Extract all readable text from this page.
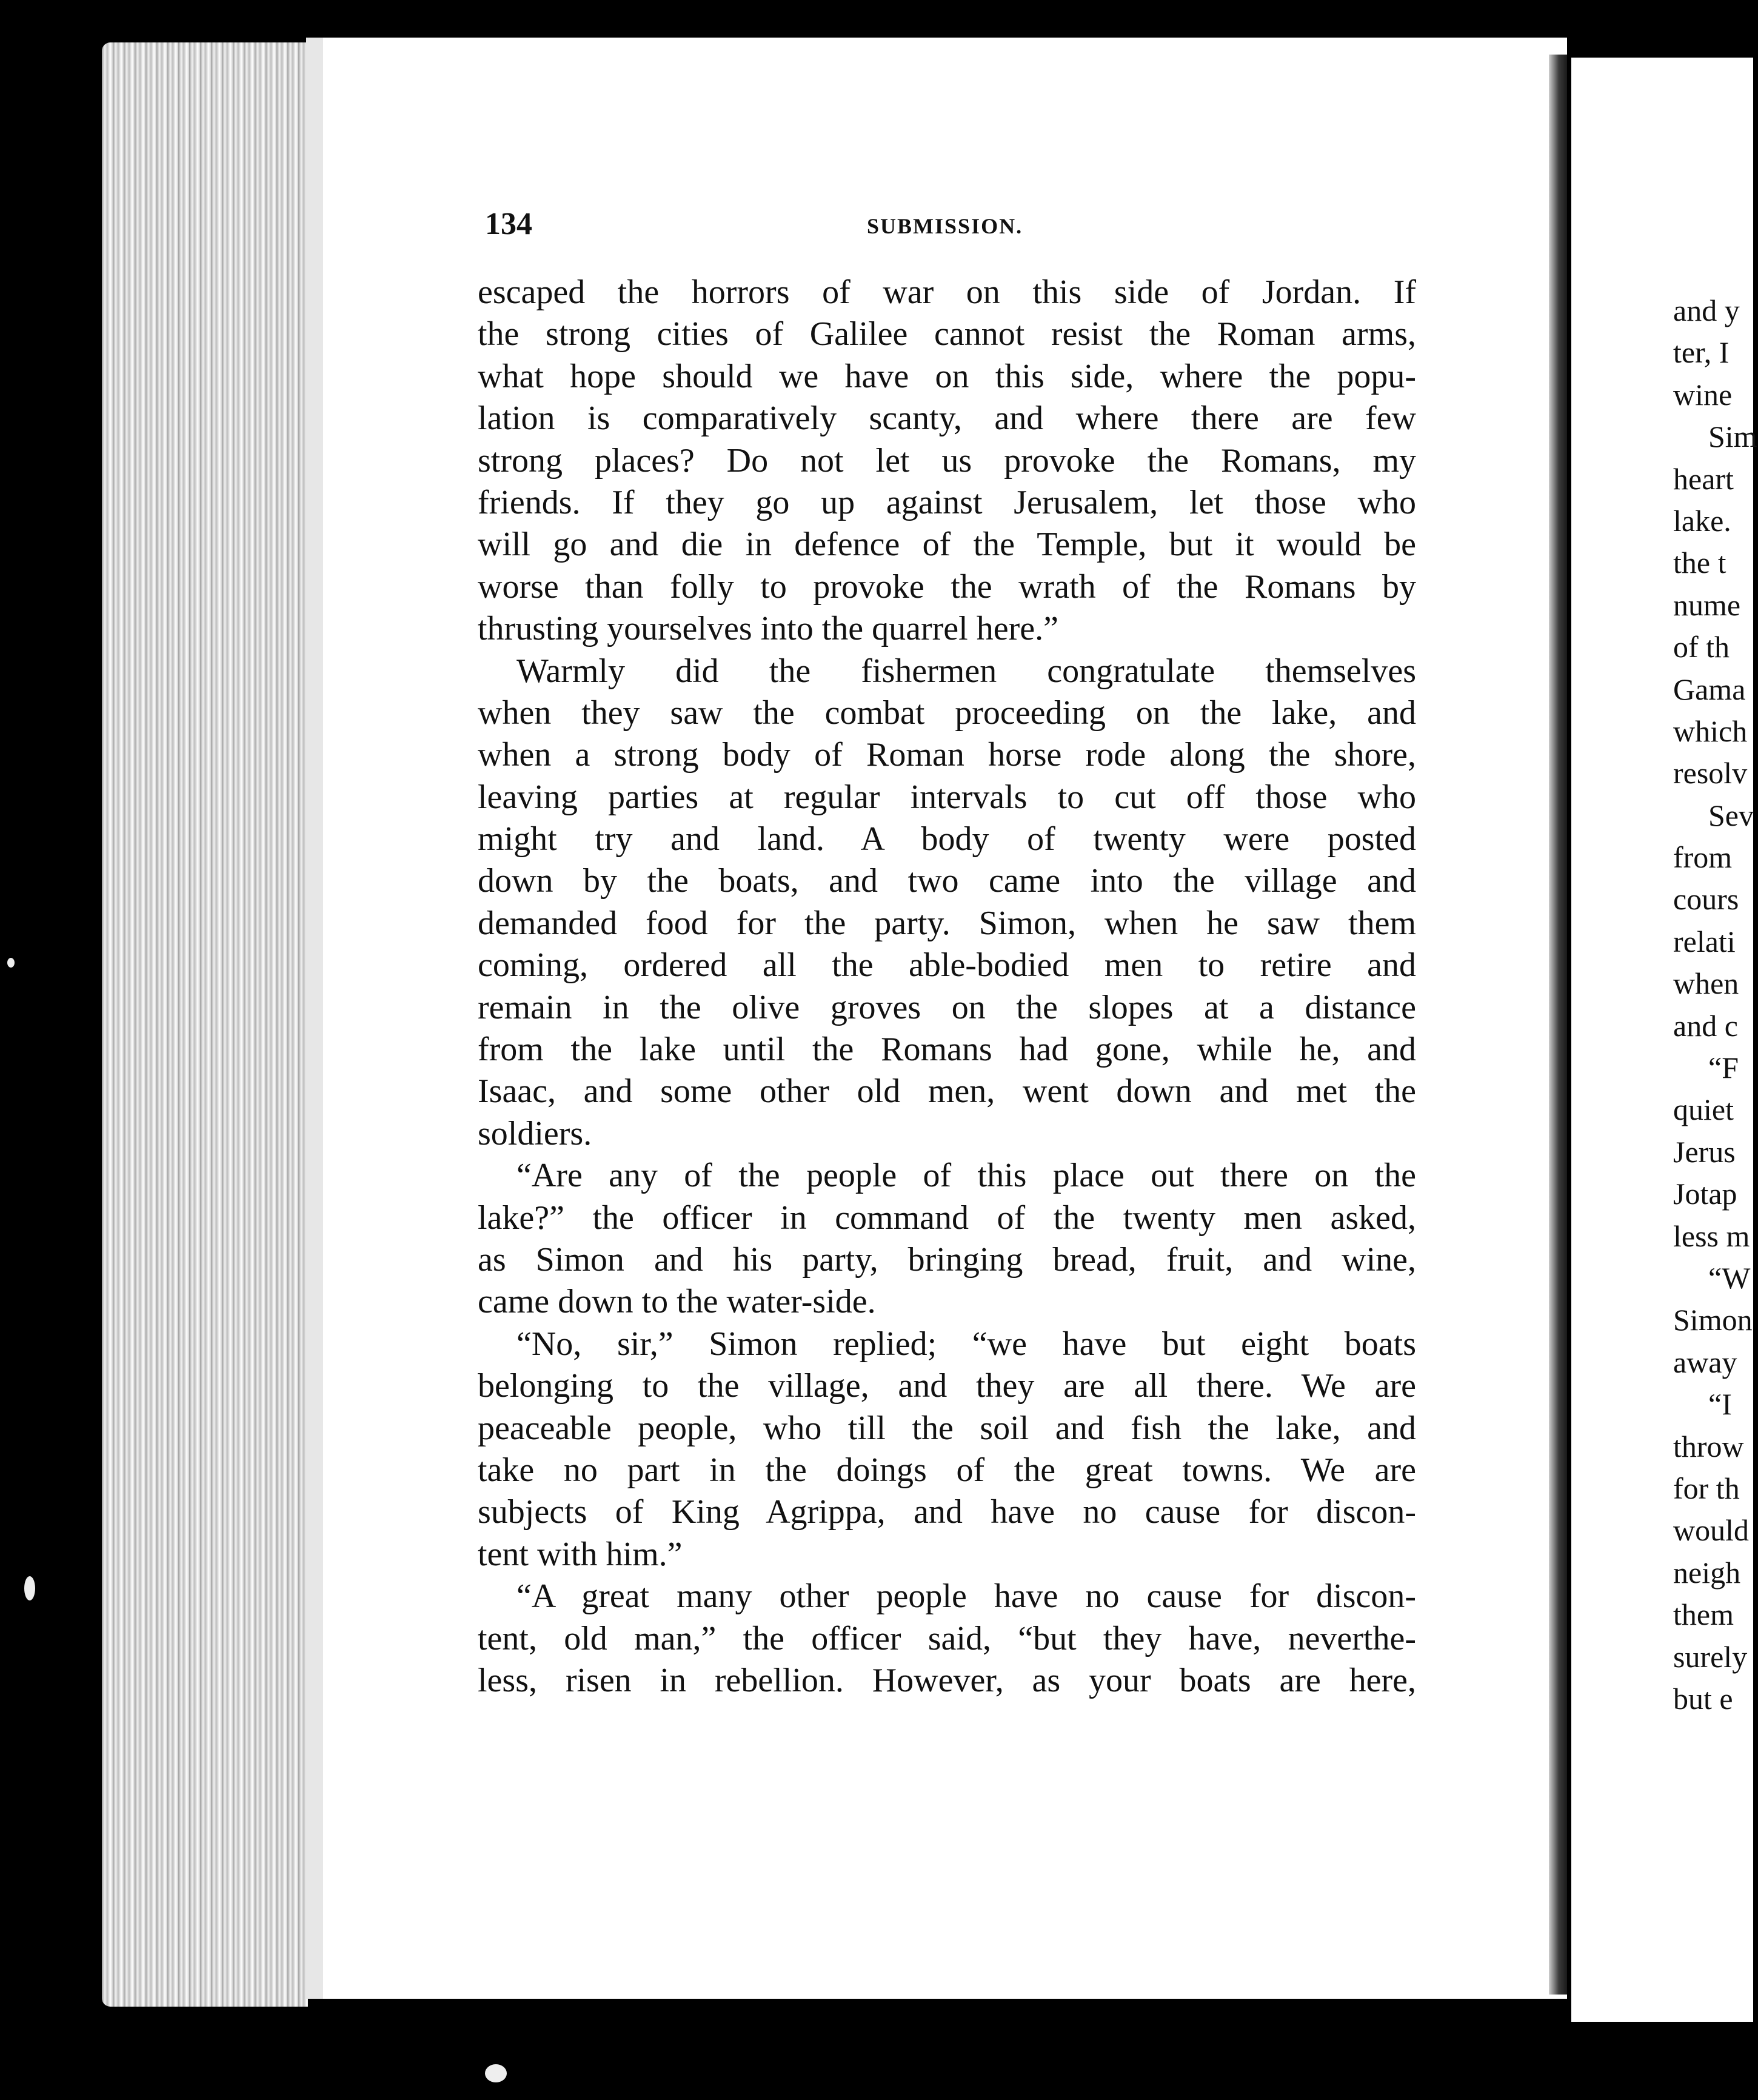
134	SUBMISSION.
escaped the horrors of war on this side of Jordan. If
the strong cities of Galilee cannot resist the Roman arms,
what hope should we have on this side, where the popu-
lation is comparatively scanty, and where there are few
strong places? Do not let us provoke the Romans, my
friends. If they go up against Jerusalem, let those who
will go and die in defence of the Temple, but it would be
worse than folly to provoke the wrath of the Romans by
thrusting yourselves into the quarrel here.”
Warmly did the fishermen congratulate themselves
when they saw the combat proceeding on the lake, and
when a strong body of Roman horse rode along the shore,
leaving parties at regular intervals to cut off those who
might try and land. A body of twenty were posted
down by the boats, and two came into the village and
demanded food for the party. Simon, when he saw them
coming, ordered all the able-bodied men to retire and
remain in the olive groves on the slopes at a distance
from the lake until the Romans had gone, while he, and
Isaac, and some other old men, went down and met the
soldiers.
“Are any of the people of this place out there on the
lake?” the officer in command of the twenty men asked,
as Simon and his party, bringing bread, fruit, and wine,
came down to the water-side.
“No, sir,” Simon replied; “we have but eight boats
belonging to the village, and they are all there. We are
peaceable people, who till the soil and fish the lake, and
take no part in the doings of the great towns. We are
subjects of King Agrippa, and have no cause for discon-
tent with him.”
“A great many other people have no cause for discon-
tent, old man,” the officer said, “but they have, neverthe-
less, risen in rebellion. However, as your boats are here,
and y
ter, I
wine
Sim
heart
lake.
the t
nume
of th
Gama
which
resolv
Sev
from
cours
relati
when
and c
“F
quiet
Jerus
Jotap
less m
“W
Simon
away
“I
throw
for th
would
neigh
them
surely
but e
